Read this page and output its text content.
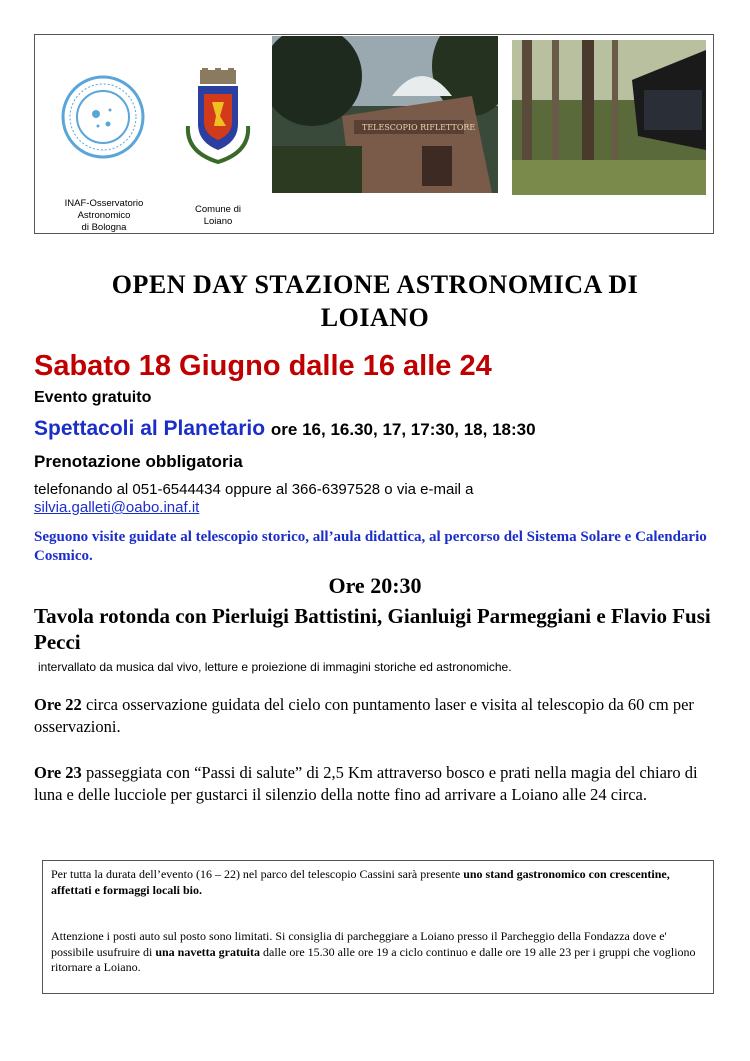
INAF-Osservatorio
Astronomico
di Bologna
Comune di
Loiano
TELESCOPIO RIFLETTORE
OPEN DAY STAZIONE ASTRONOMICA DI
LOIANO
Sabato 18 Giugno dalle 16 alle 24
Evento gratuito
Spettacoli al Planetario ore 16, 16.30, 17, 17:30, 18, 18:30
Prenotazione obbligatoria
telefonando al 051-6544434 oppure al 366-6397528 o via e-mail a
silvia.galleti@oabo.inaf.it
Seguono visite guidate al telescopio storico, all’aula didattica, al percorso del Sistema Solare e Calendario Cosmico.
Ore 20:30
Tavola rotonda con Pierluigi Battistini, Gianluigi Parmeggiani e Flavio Fusi Pecci
intervallato da musica dal vivo, letture e proiezione di immagini storiche ed astronomiche.
Ore 22 circa osservazione guidata del cielo con puntamento laser e visita al telescopio da 60 cm per osservazioni.
Ore 23 passeggiata con “Passi di salute” di 2,5 Km attraverso bosco e prati nella magia del chiaro di luna e delle lucciole per gustarci il silenzio della notte fino ad arrivare a Loiano alle 24 circa.

Per tutta la durata dell’evento (16 – 22) nel parco del telescopio Cassini sarà presente uno stand gastronomico con crescentine, affettati e formaggi locali bio.

Attenzione i posti auto sul posto sono limitati. Si consiglia di parcheggiare a Loiano presso il Parcheggio della Fondazza dove e' possibile usufruire di una navetta gratuita dalle ore 15.30 alle ore 19 a ciclo continuo e dalle ore 19 alle 23 per i gruppi che vogliono ritornare a Loiano.
